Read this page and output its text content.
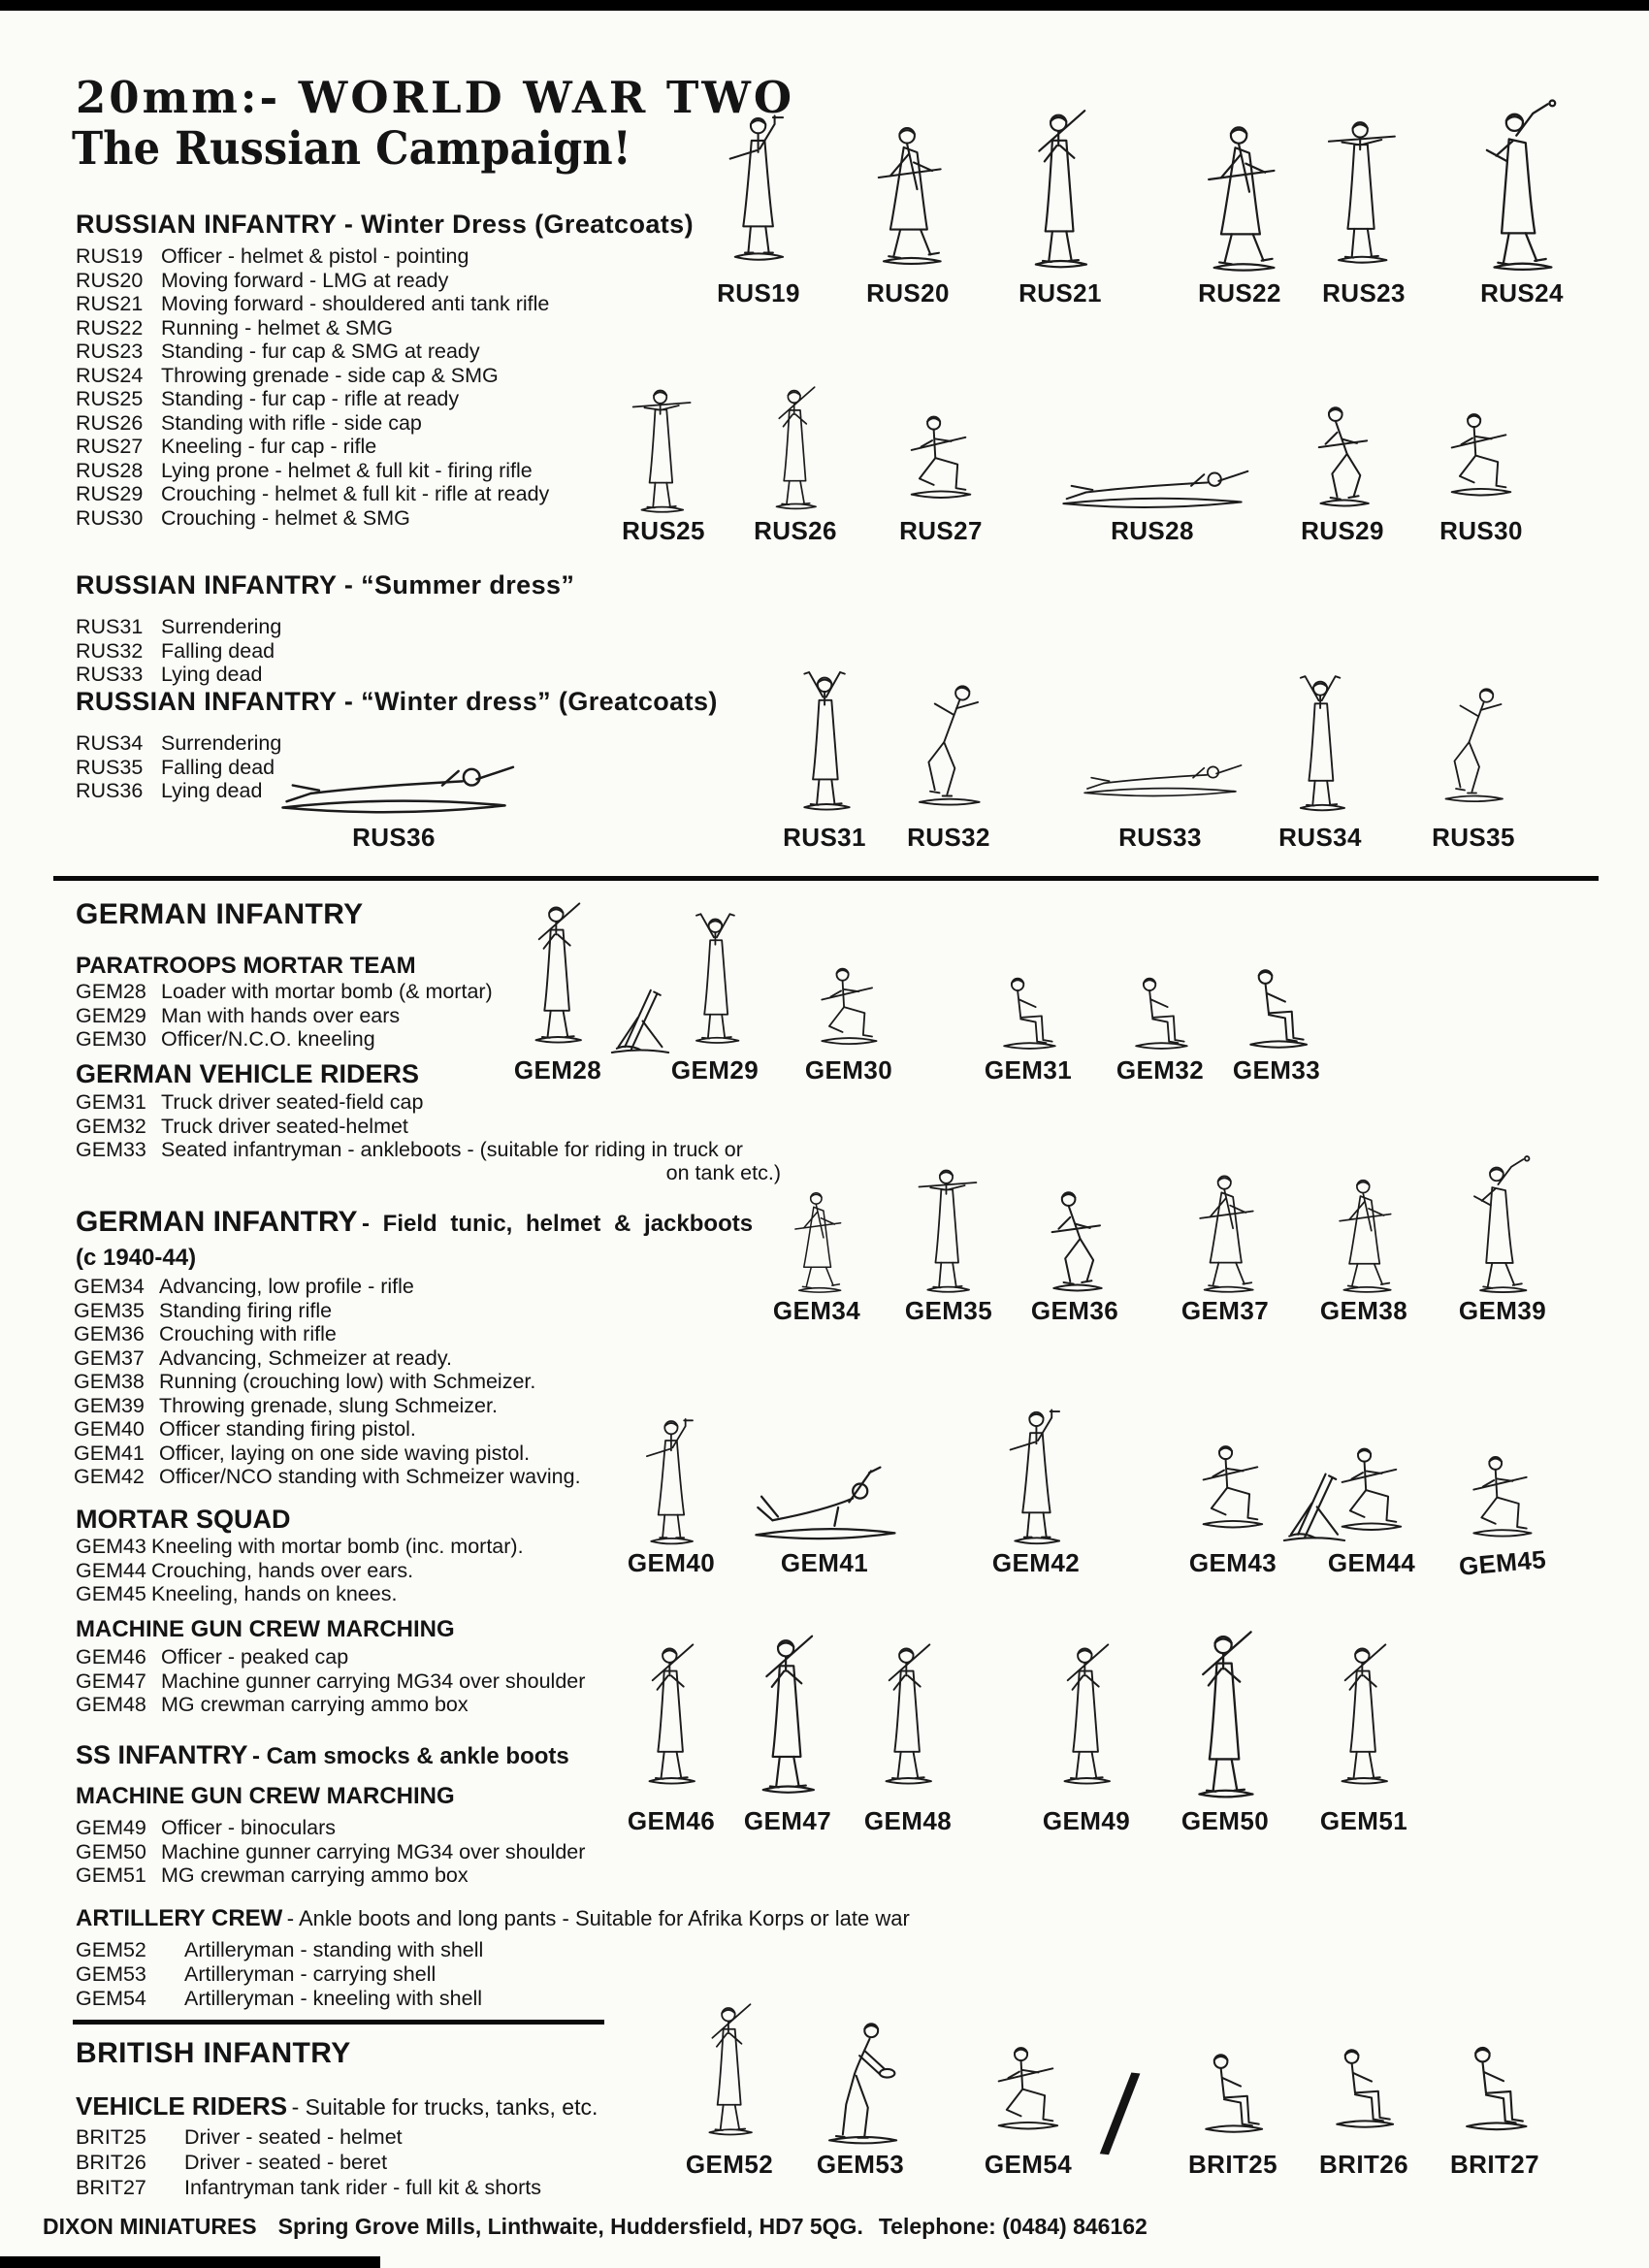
20mm:- WORLD WAR TWO
The Russian Campaign!
RUSSIAN INFANTRY - Winter Dress (Greatcoats)
RUS19 Officer - helmet & pistol - pointing
RUS20 Moving forward - LMG at ready
RUS21 Moving forward - shouldered anti tank rifle
RUS22 Running - helmet & SMG
RUS23 Standing - fur cap & SMG at ready
RUS24 Throwing grenade - side cap & SMG
RUS25 Standing - fur cap - rifle at ready
RUS26 Standing with rifle - side cap
RUS27 Kneeling - fur cap - rifle
RUS28 Lying prone - helmet & full kit - firing rifle
RUS29 Crouching - helmet & full kit - rifle at ready
RUS30 Crouching - helmet & SMG
RUSSIAN INFANTRY - “Summer dress”
RUS31 Surrendering
RUS32 Falling dead
RUS33 Lying dead
RUSSIAN INFANTRY - “Winter dress” (Greatcoats)
RUS34 Surrendering
RUS35 Falling dead
RUS36 Lying dead
GERMAN INFANTRY
PARATROOPS MORTAR TEAM
GEM28 Loader with mortar bomb (& mortar)
GEM29 Man with hands over ears
GEM30 Officer/N.C.O. kneeling
GERMAN VEHICLE RIDERS
GEM31 Truck driver seated-field cap
GEM32 Truck driver seated-helmet
GEM33 Seated infantryman - ankleboots - (suitable for riding in truck or
on tank etc.)
GERMAN INFANTRY - Field tunic, helmet & jackboots
(c 1940-44)
GEM34 Advancing, low profile - rifle
GEM35 Standing firing rifle
GEM36 Crouching with rifle
GEM37 Advancing, Schmeizer at ready.
GEM38 Running (crouching low) with Schmeizer.
GEM39 Throwing grenade, slung Schmeizer.
GEM40 Officer standing firing pistol.
GEM41 Officer, laying on one side waving pistol.
GEM42 Officer/NCO standing with Schmeizer waving.
MORTAR SQUAD
GEM43 Kneeling with mortar bomb (inc. mortar).
GEM44 Crouching, hands over ears.
GEM45 Kneeling, hands on knees.
MACHINE GUN CREW MARCHING
GEM46 Officer - peaked cap
GEM47 Machine gunner carrying MG34 over shoulder
GEM48 MG crewman carrying ammo box
SS INFANTRY - Cam smocks & ankle boots
MACHINE GUN CREW MARCHING
GEM49 Officer - binoculars
GEM50 Machine gunner carrying MG34 over shoulder
GEM51 MG crewman carrying ammo box
ARTILLERY CREW - Ankle boots and long pants - Suitable for Afrika Korps or late war
GEM52 Artilleryman - standing with shell
GEM53 Artilleryman - carrying shell
GEM54 Artilleryman - kneeling with shell
BRITISH INFANTRY
VEHICLE RIDERS - Suitable for trucks, tanks, etc.
BRIT25 Driver - seated - helmet
BRIT26 Driver - seated - beret
BRIT27 Infantryman tank rider - full kit & shorts
DIXON MINIATURES Spring Grove Mills, Linthwaite, Huddersfield, HD7 5QG. Telephone: (0484) 846162
RUS19	RUS20	RUS21	RUS22 RUS23	RUS24
RUS25 RUS26 RUS27	RUS28	RUS29 RUS30
RUS36	RUS31 RUS32	RUS33	RUS34	RUS35
GEM28	GEM29 GEM30	GEM31 GEM32 GEM33
GEM34 GEM35 GEM36 GEM37 GEM38 GEM39
GEM40	GEM41	GEM42	GEM43 GEM44 GEM45
GEM46 GEM47 GEM48	GEM49 GEM50 GEM51
GEM52 GEM53	GEM54 / BRIT25 BRIT26 BRIT27
